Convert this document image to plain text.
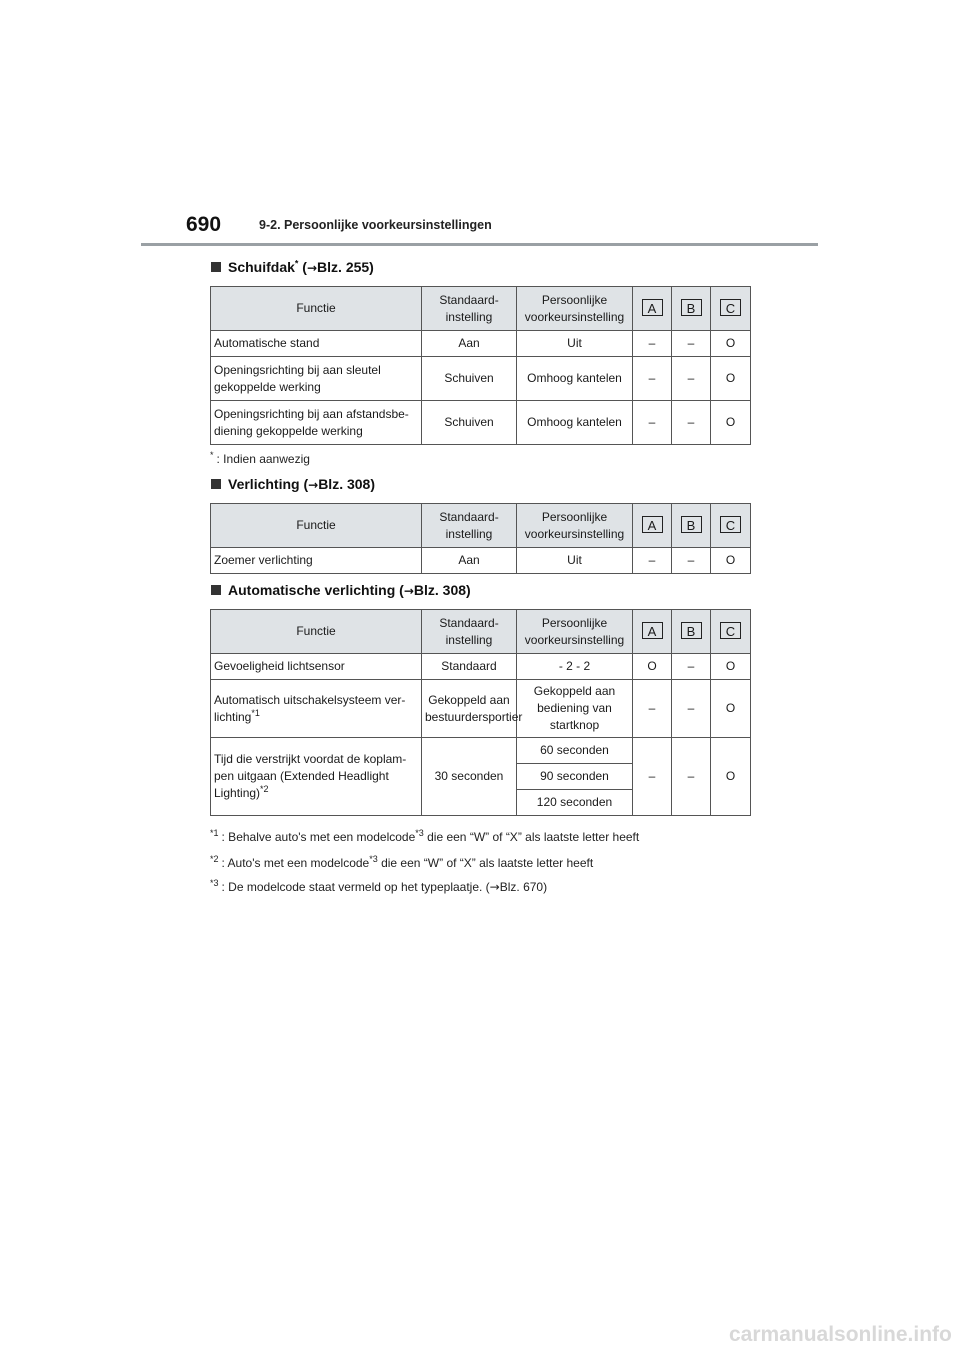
690	9-2. Persoonlijke voorkeursinstellingen
Schuifdak* (→Blz. 255)
Functie	Standaard-instelling	Persoonlijke voorkeursinstelling	A	B	C
Automatische stand	Aan	Uit	–	–	O
Openingsrichting bij aan sleutel gekoppelde werking	Schuiven	Omhoog kantelen	–	–	O
Openingsrichting bij aan afstandsbe-diening gekoppelde werking	Schuiven	Omhoog kantelen	–	–	O
* : Indien aanwezig
Verlichting (→Blz. 308)
Functie	Standaard-instelling	Persoonlijke voorkeursinstelling	A	B	C
Zoemer verlichting	Aan	Uit	–	–	O
Automatische verlichting (→Blz. 308)
Functie	Standaard-instelling	Persoonlijke voorkeursinstelling	A	B	C
Gevoeligheid lichtsensor	Standaard	- 2 - 2	O	–	O
Automatisch uitschakelsysteem ver-lichting$^{*1}$	Gekoppeld aan bestuurdersportier	Gekoppeld aan bediening van startknop	–	–	O
Tijd die verstrijkt voordat de koplam-pen uitgaan (Extended Headlight Lighting)$^{*2}$	30 seconden	60 seconden	–	–	O
		90 seconden			
		120 seconden			
$^{*1}$ : Behalve auto's met een modelcode$^{*3}$ die een “W” of “X” als laatste letter heeft
$^{*2}$ : Auto's met een modelcode$^{*3}$ die een “W” of “X” als laatste letter heeft
$^{*3}$ : De modelcode staat vermeld op het typeplaatje. (→Blz. 670)
carmanualsonline.info
